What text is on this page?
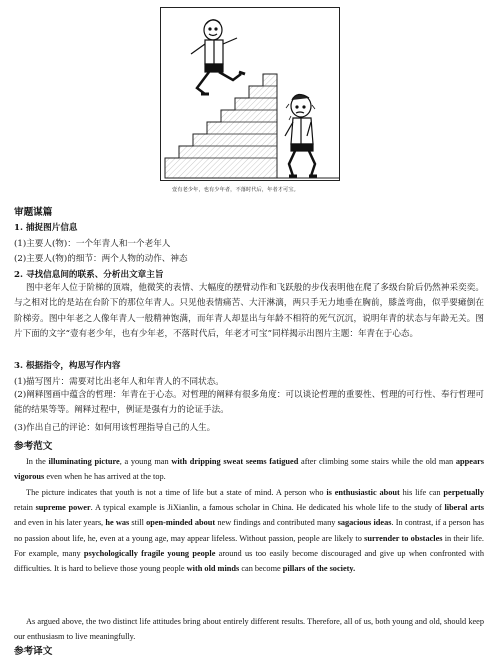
壹有老少年，也有少年者，不落时代后，年者才可宝。
审题谋篇
1. 捕捉图片信息
(1)主要人(物)：一个年青人和一个老年人
(2)主要人(物)的细节：两个人物的动作、神态
2. 寻找信息间的联系、分析出文章主旨
图中老年人位于阶梯的顶端，他微笑的表情、大幅度的摆臂动作和飞跃般的步伐表明他在爬了多级台阶后仍然神采奕奕。与之相对比的是站在台阶下的那位年青人。只见他表情痛苦、大汗淋漓，两只手无力地垂在胸前，膝盖弯曲，似乎要瘫倒在阶梯旁。图中年老之人像年青人一般精神饱满，而年青人却显出与年龄不相符的死气沉沉，说明年青的状态与年龄无关。图片下面的文字“壹有老少年，也有少年老，不落时代后，年老才可宝”同样揭示出图片主题：年青在于心态。
3. 根据指令，构思写作内容
(1)描写图片：需要对比出老年人和年青人的不同状态。
(2)阐释图画中蕴含的哲理：年青在于心态。对哲理的阐释有很多角度：可以谈论哲理的重要性、哲理的可行性、奉行哲理可能的结果等等。阐释过程中，例证是强有力的论证手法。
(3)作出自己的评论：如何用该哲理指导自己的人生。
参考范文
In the illuminating picture, a young man with dripping sweat seems fatigued after climbing some stairs while the old man appears vigorous even when he has arrived at the top.
The picture indicates that youth is not a time of life but a state of mind. A person who is enthusiastic about his life can perpetually retain supreme power. A typical example is JiXianlin, a famous scholar in China. He dedicated his whole life to the study of liberal arts and even in his later years, he was still open-minded about new findings and contributed many sagacious ideas. In contrast, if a person has no passion about life, he, even at a young age, may appear lifeless. Without passion, people are likely to surrender to obstacles in their life. For example, many psychologically fragile young people around us too easily become discouraged and give up when confronted with difficulties. It is hard to believe those young people with old minds can become pillars of the society.
As argued above, the two distinct life attitudes bring about entirely different results. Therefore, all of us, both young and old, should keep our enthusiasm to live meaningfully.
参考译文
